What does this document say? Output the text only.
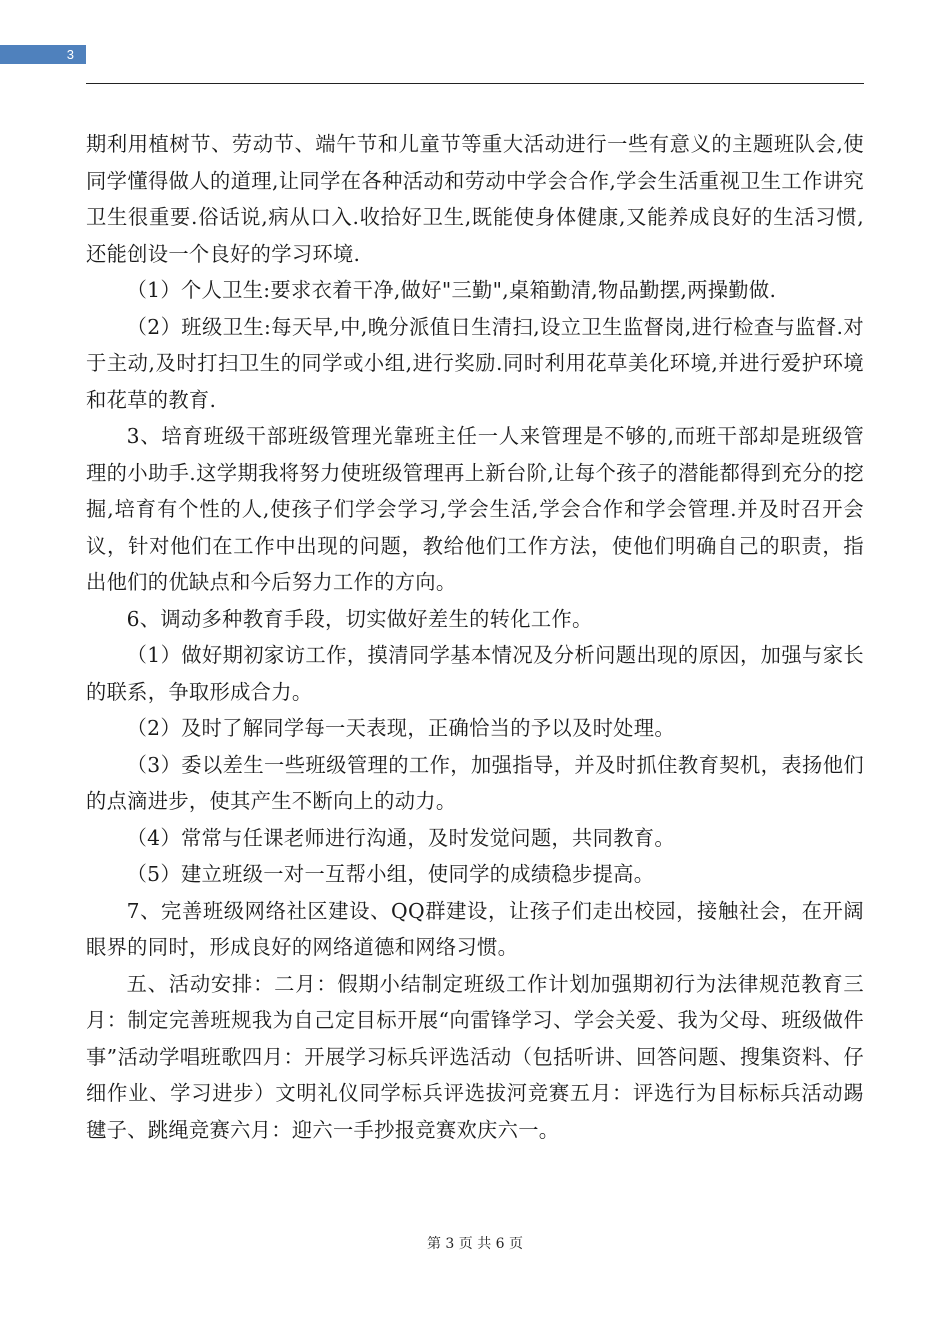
3

期利用植树节、劳动节、端午节和儿童节等重大活动进行一些有意义的主题班队会,使同学懂得做人的道理,让同学在各种活动和劳动中学会合作,学会生活重视卫生工作讲究卫生很重要.俗话说,病从口入.收拾好卫生,既能使身体健康,又能养成良好的生活习惯,还能创设一个良好的学习环境.

（1）个人卫生:要求衣着干净,做好"三勤",桌箱勤清,物品勤摆,两操勤做.

（2）班级卫生:每天早,中,晚分派值日生清扫,设立卫生监督岗,进行检查与监督.对于主动,及时打扫卫生的同学或小组,进行奖励.同时利用花草美化环境,并进行爱护环境和花草的教育.

3、培育班级干部班级管理光靠班主任一人来管理是不够的,而班干部却是班级管理的小助手.这学期我将努力使班级管理再上新台阶,让每个孩子的潜能都得到充分的挖掘,培育有个性的人,使孩子们学会学习,学会生活,学会合作和学会管理.并及时召开会议，针对他们在工作中出现的问题，教给他们工作方法，使他们明确自己的职责，指出他们的优缺点和今后努力工作的方向。

6、调动多种教育手段，切实做好差生的转化工作。

（1）做好期初家访工作，摸清同学基本情况及分析问题出现的原因，加强与家长的联系，争取形成合力。

（2）及时了解同学每一天表现，正确恰当的予以及时处理。

（3）委以差生一些班级管理的工作，加强指导，并及时抓住教育契机，表扬他们的点滴进步，使其产生不断向上的动力。

（4）常常与任课老师进行沟通，及时发觉问题，共同教育。

（5）建立班级一对一互帮小组，使同学的成绩稳步提高。

7、完善班级网络社区建设、QQ群建设，让孩子们走出校园，接触社会，在开阔眼界的同时，形成良好的网络道德和网络习惯。

五、活动安排：二月：假期小结制定班级工作计划加强期初行为法律规范教育三月：制定完善班规我为自己定目标开展“向雷锋学习、学会关爱、我为父母、班级做件事”活动学唱班歌四月：开展学习标兵评选活动（包括听讲、回答问题、搜集资料、仔细作业、学习进步）文明礼仪同学标兵评选拔河竞赛五月：评选行为目标标兵活动踢毽子、跳绳竞赛六月：迎六一手抄报竞赛欢庆六一。

第 3 页 共 6 页
